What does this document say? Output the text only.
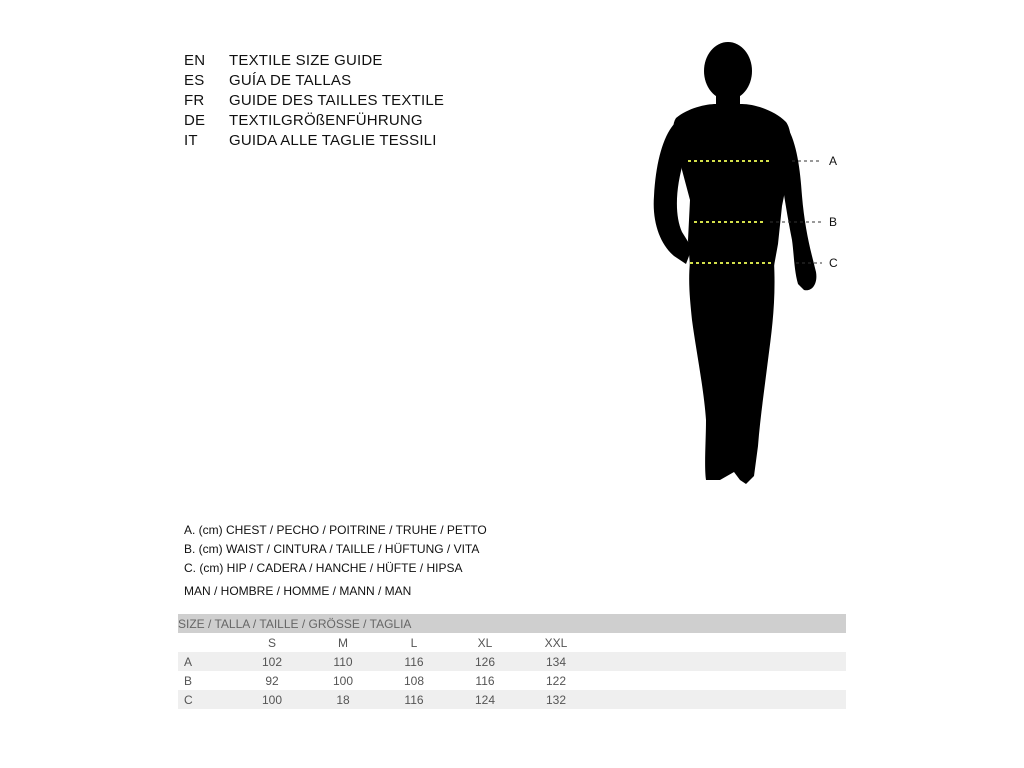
EN	TEXTILE SIZE GUIDE
ES	GUÍA DE TALLAS
FR	GUIDE DES TAILLES TEXTILE
DE	TEXTILGRÖßENFÜHRUNG
IT	GUIDA ALLE TAGLIE TESSILI
A
B
C
A. (cm) CHEST / PECHO / POITRINE / TRUHE / PETTO
B. (cm) WAIST / CINTURA / TAILLE / HÜFTUNG / VITA
C. (cm) HIP / CADERA / HANCHE / HÜFTE / HIPSA
MAN / HOMBRE / HOMME / MANN / MAN
SIZE / TALLA / TAILLE / GRÖSSE / TAGLIA						
	S	M	L	XL	XXL	
A	102	110	116	126	134	
B	92	100	108	116	122	
C	100	18	116	124	132	
